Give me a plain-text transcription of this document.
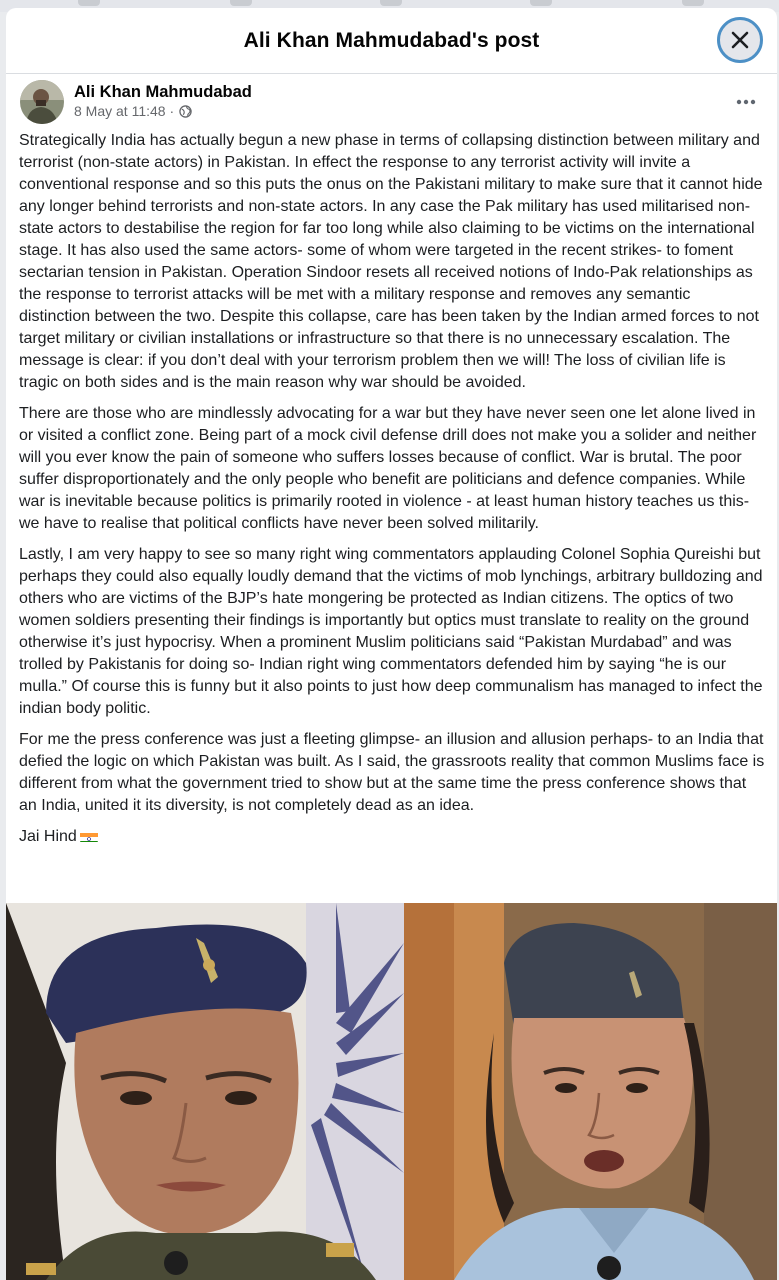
Ali Khan Mahmudabad's post
Ali Khan Mahmudabad
8 May at 11:48 ·

Strategically India has actually begun a new phase in terms of collapsing distinction between military and terrorist (non-state actors) in Pakistan. In effect the response to any terrorist activity will invite a conventional response and so this puts the onus on the Pakistani military to make sure that it cannot hide any longer behind terrorists and non-state actors. In any case the Pak military has used militarised non-state actors to destabilise the region for far too long while also claiming to be victims on the international stage. It has also used the same actors- some of whom were targeted in the recent strikes- to foment sectarian tension in Pakistan. Operation Sindoor resets all received notions of Indo-Pak relationships as the response to terrorist attacks will be met with a military response and removes any semantic distinction between the two. Despite this collapse, care has been taken by the Indian armed forces to not target military or civilian installations or infrastructure so that there is no unnecessary escalation. The message is clear: if you don’t deal with your terrorism problem then we will! The loss of civilian life is tragic on both sides and is the main reason why war should be avoided.

There are those who are mindlessly advocating for a war but they have never seen one let alone lived in or visited a conflict zone. Being part of a mock civil defense drill does not make you a solider and neither will you ever know the pain of someone who suffers losses because of conflict. War is brutal. The poor suffer disproportionately and the only people who benefit are politicians and defence companies. While war is inevitable because politics is primarily rooted in violence - at least human history teaches us this- we have to realise that political conflicts have never been solved militarily.

Lastly, I am very happy to see so many right wing commentators applauding Colonel Sophia Qureishi but perhaps they could also equally loudly demand that the victims of mob lynchings, arbitrary bulldozing and others who are victims of the BJP’s hate mongering be protected as Indian citizens. The optics of two women soldiers presenting their findings is importantly but optics must translate to reality on the ground otherwise it’s just hypocrisy. When a prominent Muslim politicians said “Pakistan Murdabad” and was trolled by Pakistanis for doing so- Indian right wing commentators defended him by saying “he is our mulla.” Of course this is funny but it also points to just how deep communalism has managed to infect the indian body politic.

For me the press conference was just a fleeting glimpse- an illusion and allusion perhaps- to an India that defied the logic on which Pakistan was built. As I said, the grassroots reality that common Muslims face is different from what the government tried to show but at the same time the press conference shows that an India, united it its diversity, is not completely dead as an idea.

Jai Hind
